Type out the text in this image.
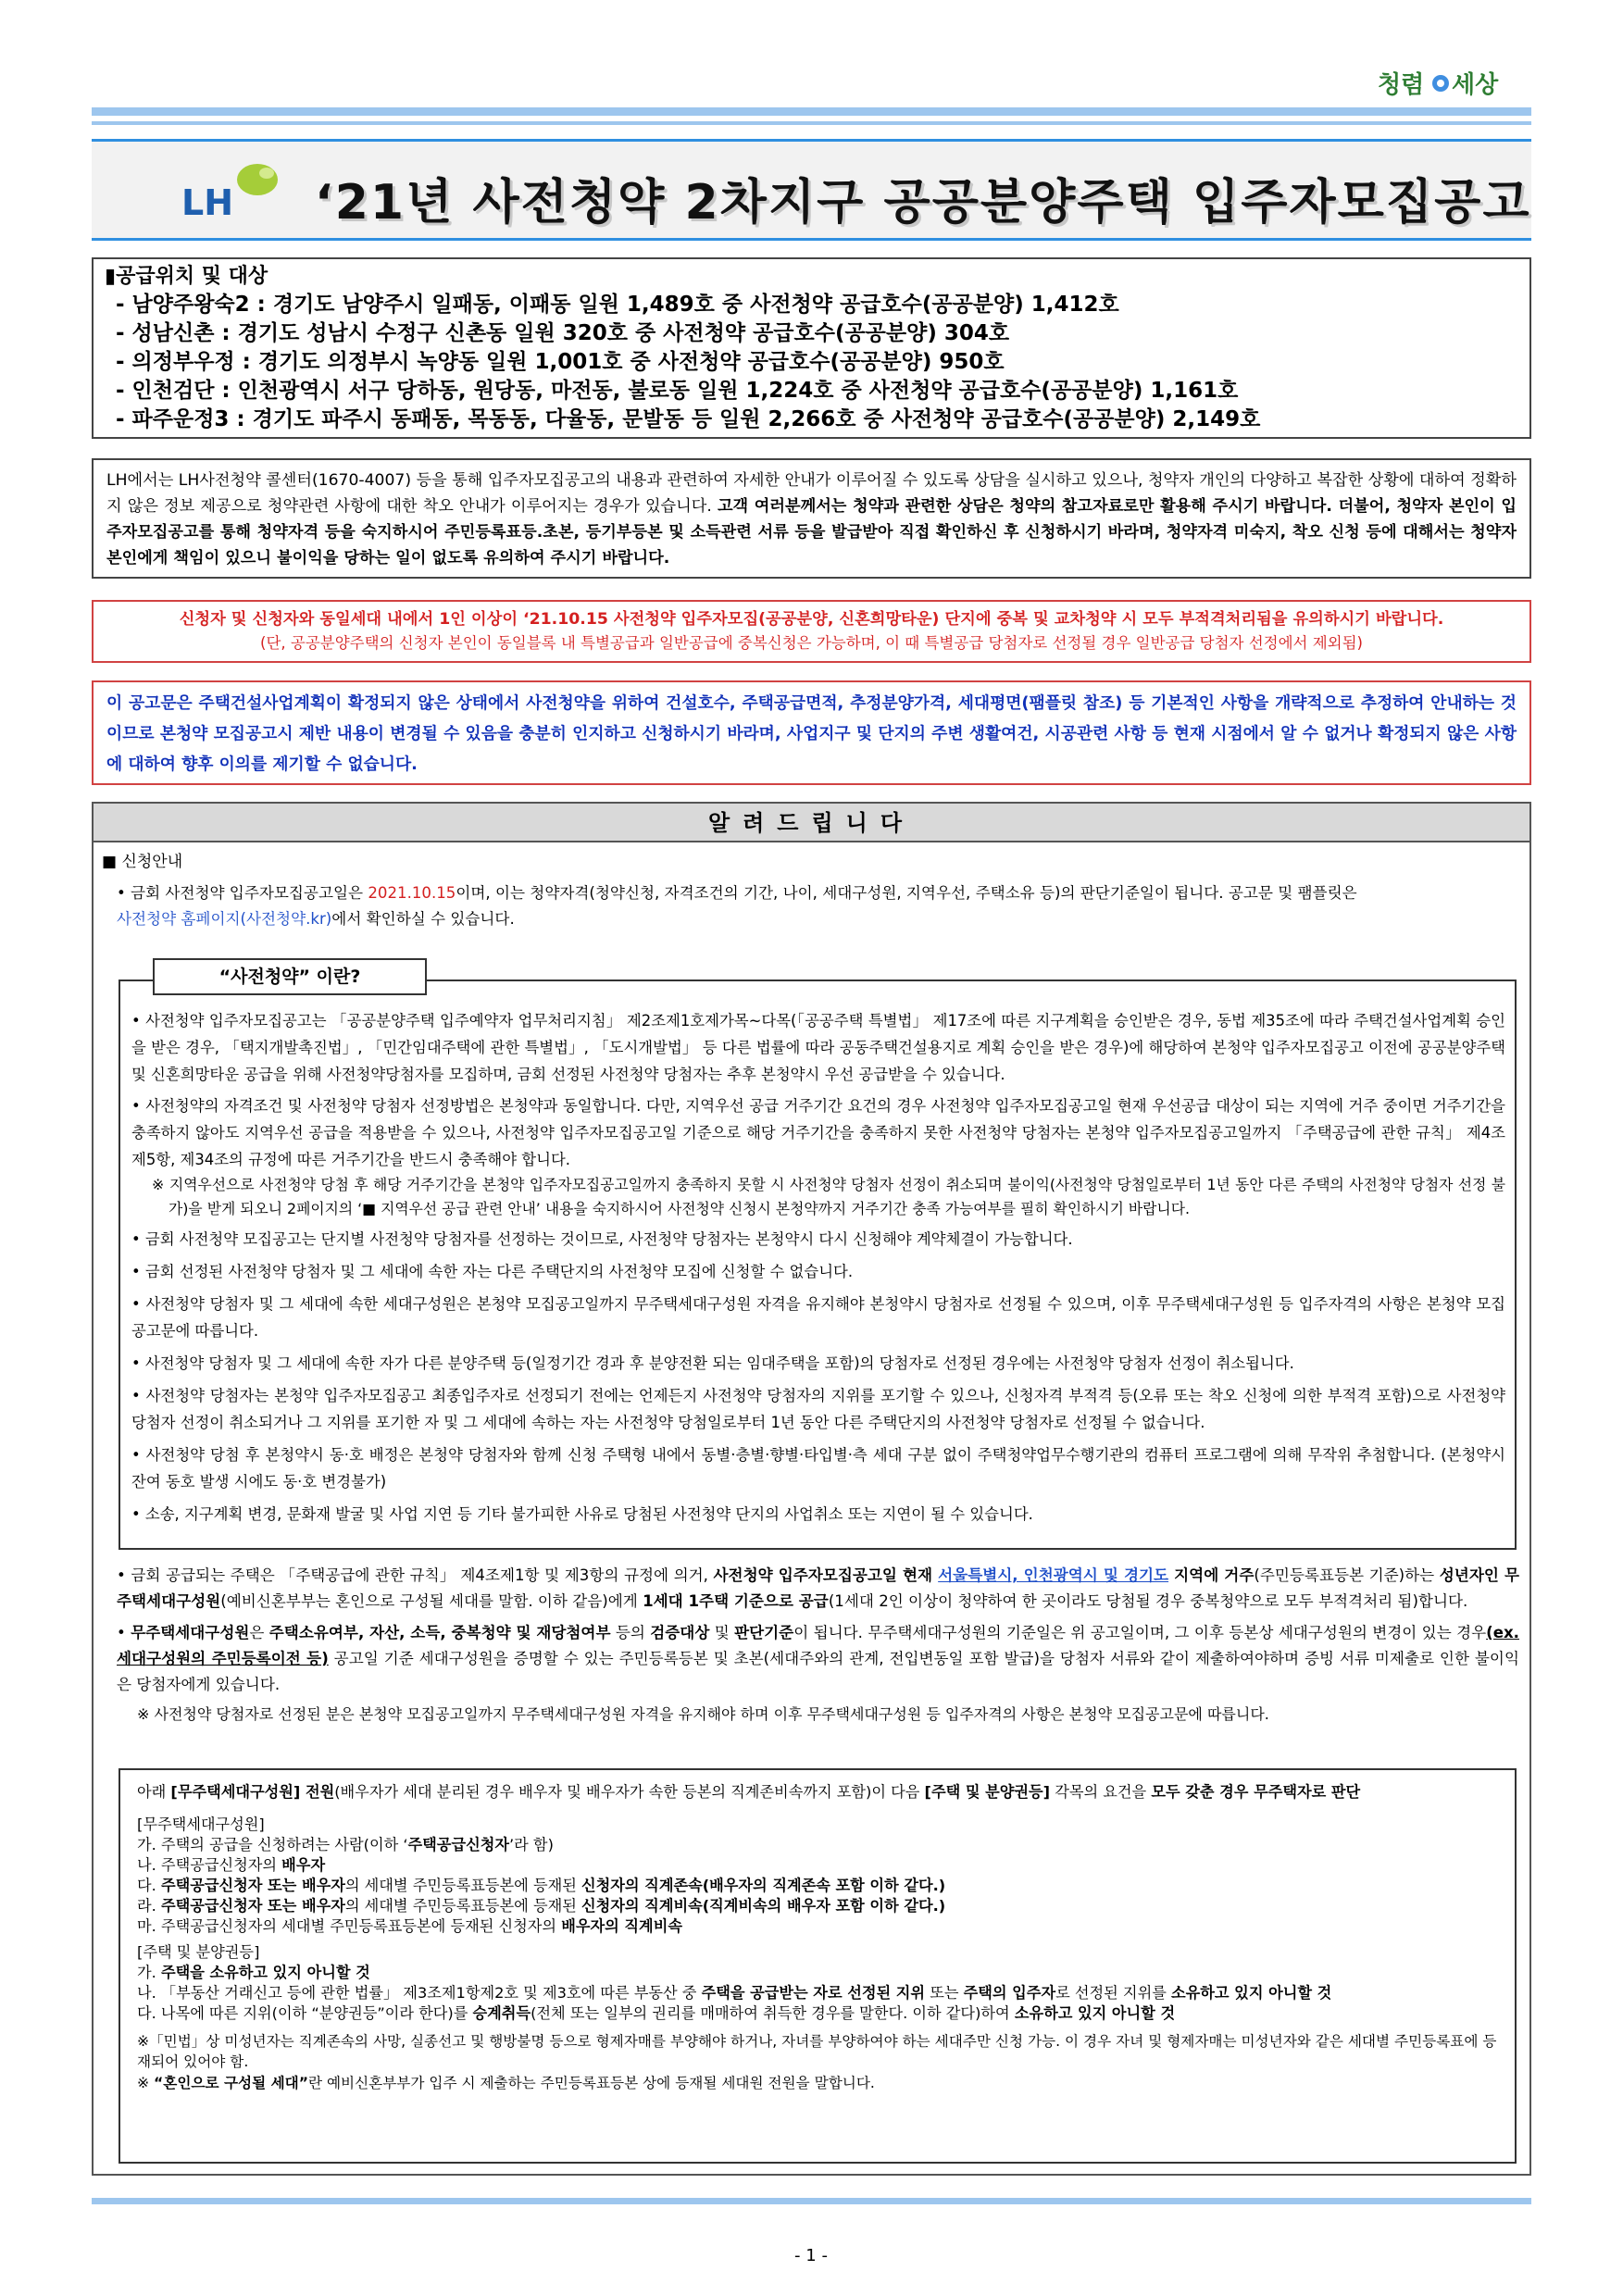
청렴 세상
LH ‘21년 사전청약 2차지구 공공분양주택 입주자모집공고
▮공급위치 및 대상
- 남양주왕숙2 : 경기도 남양주시 일패동, 이패동 일원 1,489호 중 사전청약 공급호수(공공분양) 1,412호
- 성남신촌 : 경기도 성남시 수정구 신촌동 일원 320호 중 사전청약 공급호수(공공분양) 304호
- 의정부우정 : 경기도 의정부시 녹양동 일원 1,001호 중 사전청약 공급호수(공공분양) 950호
- 인천검단 : 인천광역시 서구 당하동, 원당동, 마전동, 불로동 일원 1,224호 중 사전청약 공급호수(공공분양) 1,161호
- 파주운정3 : 경기도 파주시 동패동, 목동동, 다율동, 문발동 등 일원 2,266호 중 사전청약 공급호수(공공분양) 2,149호

LH에서는 LH사전청약 콜센터(1670-4007) 등을 통해 입주자모집공고의 내용과 관련하여 자세한 안내가 이루어질 수 있도록 상담을 실시하고 있으나, 청약자 개인의 다양하고 복잡한 상황에 대하여 정확하지 않은 정보 제공으로 청약관련 사항에 대한 착오 안내가 이루어지는 경우가 있습니다. 고객 여러분께서는 청약과 관련한 상담은 청약의 참고자료로만 활용해 주시기 바랍니다. 더불어, 청약자 본인이 입주자모집공고를 통해 청약자격 등을 숙지하시어 주민등록표등.초본, 등기부등본 및 소득관련 서류 등을 발급받아 직접 확인하신 후 신청하시기 바라며, 청약자격 미숙지, 착오 신청 등에 대해서는 청약자 본인에게 책임이 있으니 불이익을 당하는 일이 없도록 유의하여 주시기 바랍니다.

신청자 및 신청자와 동일세대 내에서 1인 이상이 ‘21.10.15 사전청약 입주자모집(공공분양, 신혼희망타운) 단지에 중복 및 교차청약 시 모두 부적격처리됨을 유의하시기 바랍니다.
(단, 공공분양주택의 신청자 본인이 동일블록 내 특별공급과 일반공급에 중복신청은 가능하며, 이 때 특별공급 당첨자로 선정될 경우 일반공급 당첨자 선정에서 제외됨)

이 공고문은 주택건설사업계획이 확정되지 않은 상태에서 사전청약을 위하여 건설호수, 주택공급면적, 추정분양가격, 세대평면(팸플릿 참조) 등 기본적인 사항을 개략적으로 추정하여 안내하는 것이므로 본청약 모집공고시 제반 내용이 변경될 수 있음을 충분히 인지하고 신청하시기 바라며, 사업지구 및 단지의 주변 생활여건, 시공관련 사항 등 현재 시점에서 알 수 없거나 확정되지 않은 사항에 대하여 향후 이의를 제기할 수 없습니다.

알려드립니다
■ 신청안내

• 금회 사전청약 입주자모집공고일은 2021.10.15이며, 이는 청약자격(청약신청, 자격조건의 기간, 나이, 세대구성원, 지역우선, 주택소유 등)의 판단기준일이 됩니다. 공고문 및 팸플릿은

사전청약 홈페이지(사전청약.kr)에서 확인하실 수 있습니다.

“사전청약” 이란?

• 사전청약 입주자모집공고는 「공공분양주택 입주예약자 업무처리지침」 제2조제1호제가목~다목(「공공주택 특별법」 제17조에 따른 지구계획을 승인받은 경우, 동법 제35조에 따라 주택건설사업계획 승인을 받은 경우, 「택지개발촉진법」, 「민간임대주택에 관한 특별법」, 「도시개발법」 등 다른 법률에 따라 공동주택건설용지로 계획 승인을 받은 경우)에 해당하여 본청약 입주자모집공고 이전에 공공분양주택 및 신혼희망타운 공급을 위해 사전청약당첨자를 모집하며, 금회 선정된 사전청약 당첨자는 추후 본청약시 우선 공급받을 수 있습니다.

• 사전청약의 자격조건 및 사전청약 당첨자 선정방법은 본청약과 동일합니다. 다만, 지역우선 공급 거주기간 요건의 경우 사전청약 입주자모집공고일 현재 우선공급 대상이 되는 지역에 거주 중이면 거주기간을 충족하지 않아도 지역우선 공급을 적용받을 수 있으나, 사전청약 입주자모집공고일 기준으로 해당 거주기간을 충족하지 못한 사전청약 당첨자는 본청약 입주자모집공고일까지 「주택공급에 관한 규칙」 제4조제5항, 제34조의 규정에 따른 거주기간을 반드시 충족해야 합니다.

※ 지역우선으로 사전청약 당첨 후 해당 거주기간을 본청약 입주자모집공고일까지 충족하지 못할 시 사전청약 당첨자 선정이 취소되며 불이익(사전청약 당첨일로부터 1년 동안 다른 주택의 사전청약 당첨자 선정 불가)을 받게 되오니 2페이지의 ‘■ 지역우선 공급 관련 안내’ 내용을 숙지하시어 사전청약 신청시 본청약까지 거주기간 충족 가능여부를 필히 확인하시기 바랍니다.

• 금회 사전청약 모집공고는 단지별 사전청약 당첨자를 선정하는 것이므로, 사전청약 당첨자는 본청약시 다시 신청해야 계약체결이 가능합니다.

• 금회 선정된 사전청약 당첨자 및 그 세대에 속한 자는 다른 주택단지의 사전청약 모집에 신청할 수 없습니다.

• 사전청약 당첨자 및 그 세대에 속한 세대구성원은 본청약 모집공고일까지 무주택세대구성원 자격을 유지해야 본청약시 당첨자로 선정될 수 있으며, 이후 무주택세대구성원 등 입주자격의 사항은 본청약 모집공고문에 따릅니다.

• 사전청약 당첨자 및 그 세대에 속한 자가 다른 분양주택 등(일정기간 경과 후 분양전환 되는 임대주택을 포함)의 당첨자로 선정된 경우에는 사전청약 당첨자 선정이 취소됩니다.

• 사전청약 당첨자는 본청약 입주자모집공고 최종입주자로 선정되기 전에는 언제든지 사전청약 당첨자의 지위를 포기할 수 있으나, 신청자격 부적격 등(오류 또는 착오 신청에 의한 부적격 포함)으로 사전청약 당첨자 선정이 취소되거나 그 지위를 포기한 자 및 그 세대에 속하는 자는 사전청약 당첨일로부터 1년 동안 다른 주택단지의 사전청약 당첨자로 선정될 수 없습니다.

• 사전청약 당첨 후 본청약시 동·호 배정은 본청약 당첨자와 함께 신청 주택형 내에서 동별·층별·향별·타입별·측 세대 구분 없이 주택청약업무수행기관의 컴퓨터 프로그램에 의해 무작위 추첨합니다. (본청약시 잔여 동호 발생 시에도 동·호 변경불가)

• 소송, 지구계획 변경, 문화재 발굴 및 사업 지연 등 기타 불가피한 사유로 당첨된 사전청약 단지의 사업취소 또는 지연이 될 수 있습니다.

• 금회 공급되는 주택은 「주택공급에 관한 규칙」 제4조제1항 및 제3항의 규정에 의거, 사전청약 입주자모집공고일 현재 서울특별시, 인천광역시 및 경기도 지역에 거주(주민등록표등본 기준)하는 성년자인 무주택세대구성원(예비신혼부부는 혼인으로 구성될 세대를 말함. 이하 같음)에게 1세대 1주택 기준으로 공급(1세대 2인 이상이 청약하여 한 곳이라도 당첨될 경우 중복청약으로 모두 부적격처리 됨)합니다.

• 무주택세대구성원은 주택소유여부, 자산, 소득, 중복청약 및 재당첨여부 등의 검증대상 및 판단기준이 됩니다. 무주택세대구성원의 기준일은 위 공고일이며, 그 이후 등본상 세대구성원의 변경이 있는 경우(ex. 세대구성원의 주민등록이전 등) 공고일 기준 세대구성원을 증명할 수 있는 주민등록등본 및 초본(세대주와의 관계, 전입변동일 포함 발급)을 당첨자 서류와 같이 제출하여야하며 증빙 서류 미제출로 인한 불이익은 당첨자에게 있습니다.

※ 사전청약 당첨자로 선정된 분은 본청약 모집공고일까지 무주택세대구성원 자격을 유지해야 하며 이후 무주택세대구성원 등 입주자격의 사항은 본청약 모집공고문에 따릅니다.

아래 [무주택세대구성원] 전원(배우자가 세대 분리된 경우 배우자 및 배우자가 속한 등본의 직계존비속까지 포함)이 다음 [주택 및 분양권등] 각목의 요건을 모두 갖춘 경우 무주택자로 판단

[무주택세대구성원]

가. 주택의 공급을 신청하려는 사람(이하 ‘주택공급신청자’라 함)

나. 주택공급신청자의 배우자

다. 주택공급신청자 또는 배우자의 세대별 주민등록표등본에 등재된 신청자의 직계존속(배우자의 직계존속 포함 이하 같다.)

라. 주택공급신청자 또는 배우자의 세대별 주민등록표등본에 등재된 신청자의 직계비속(직계비속의 배우자 포함 이하 같다.)

마. 주택공급신청자의 세대별 주민등록표등본에 등재된 신청자의 배우자의 직계비속

[주택 및 분양권등]

가. 주택을 소유하고 있지 아니할 것

나. 「부동산 거래신고 등에 관한 법률」 제3조제1항제2호 및 제3호에 따른 부동산 중 주택을 공급받는 자로 선정된 지위 또는 주택의 입주자로 선정된 지위를 소유하고 있지 아니할 것

다. 나목에 따른 지위(이하 “분양권등”이라 한다)를 승계취득(전체 또는 일부의 권리를 매매하여 취득한 경우를 말한다. 이하 같다)하여 소유하고 있지 아니할 것

※「민법」상 미성년자는 직계존속의 사망, 실종선고 및 행방불명 등으로 형제자매를 부양해야 하거나, 자녀를 부양하여야 하는 세대주만 신청 가능. 이 경우 자녀 및 형제자매는 미성년자와 같은 세대별 주민등록표에 등재되어 있어야 함.

※ “혼인으로 구성될 세대”란 예비신혼부부가 입주 시 제출하는 주민등록표등본 상에 등재될 세대원 전원을 말합니다.

- 1 -
